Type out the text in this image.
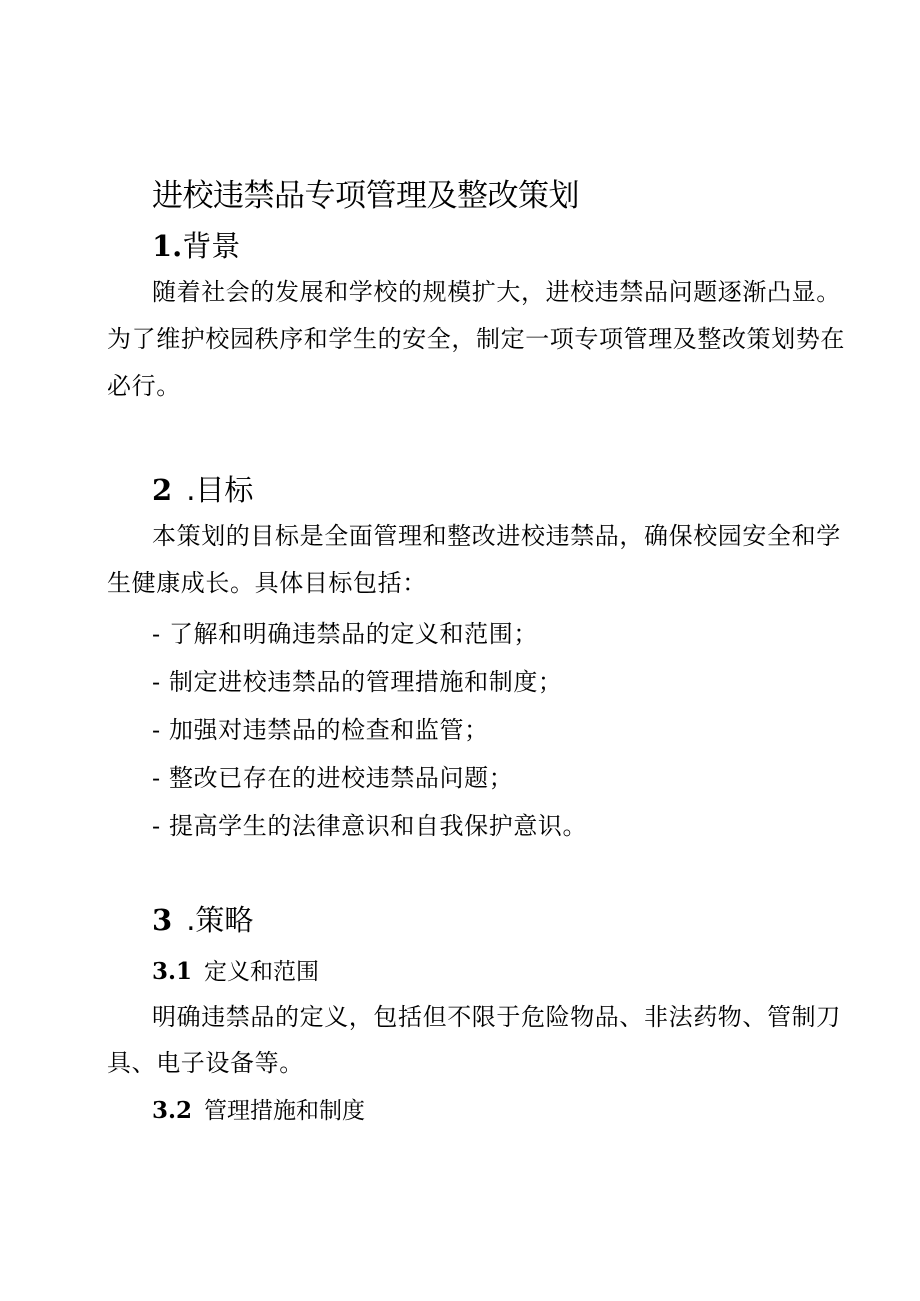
进校违禁品专项管理及整改策划
1.背景
随着社会的发展和学校的规模扩大，进校违禁品问题逐渐凸显。
为了维护校园秩序和学生的安全，制定一项专项管理及整改策划势在
必行。
2 .目标
本策划的目标是全面管理和整改进校违禁品，确保校园安全和学
生健康成长。具体目标包括：
- 了解和明确违禁品的定义和范围；
- 制定进校违禁品的管理措施和制度；
- 加强对违禁品的检查和监管；
- 整改已存在的进校违禁品问题；
- 提高学生的法律意识和自我保护意识。
3 .策略
3.1 定义和范围
明确违禁品的定义，包括但不限于危险物品、非法药物、管制刀
具、电子设备等。
3.2 管理措施和制度
